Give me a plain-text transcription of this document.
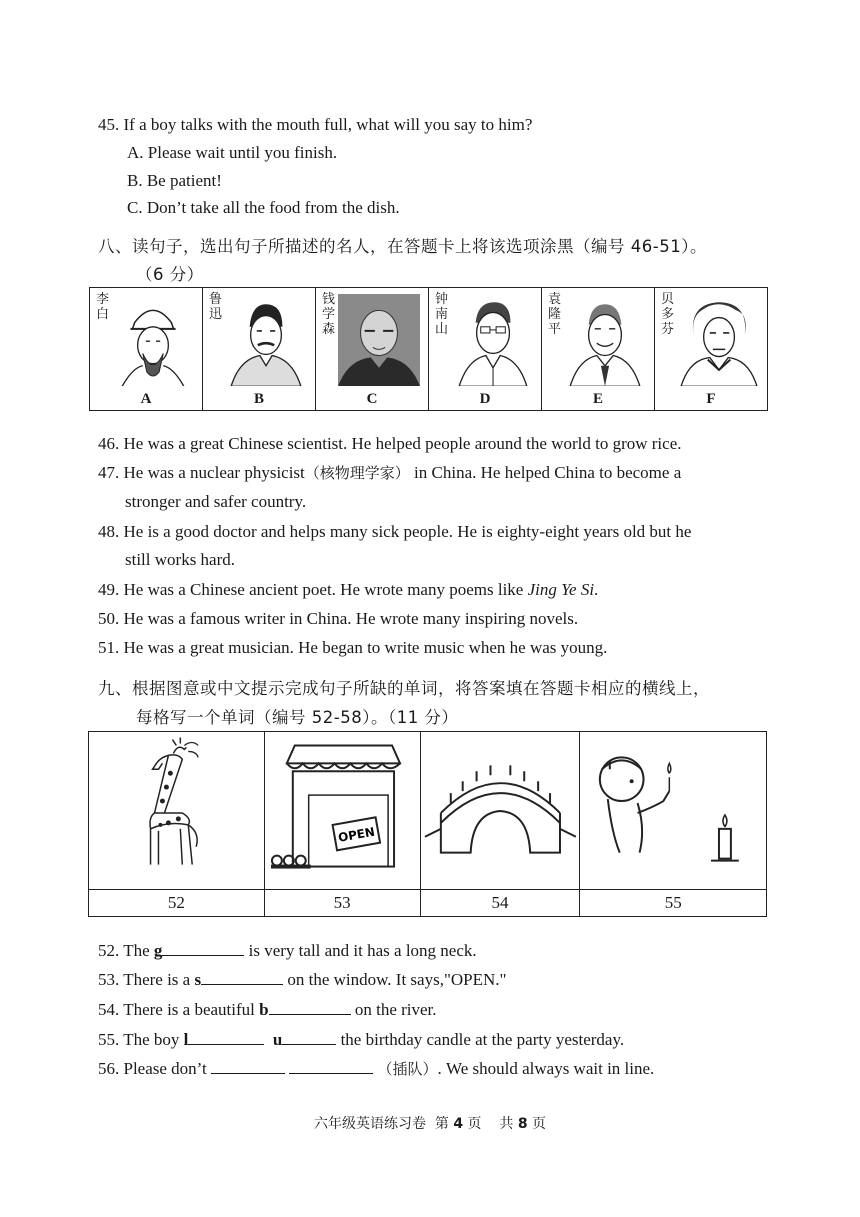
45. If a boy talks with the mouth full, what will you say to him?
A. Please wait until you finish.
B. Be patient!
C. Don’t take all the food from the dish.
八、读句子，选出句子所描述的名人，在答题卡上将该选项涂黑（编号 46-51）。
（6 分）
李白
A

鲁迅
B

钱学森
C

钟南山
D

袁隆平
E

贝多芬
F
46. He was a great Chinese scientist. He helped people around the world to grow rice.
47. He was a nuclear physicist（核物理学家） in China. He helped China to become a
stronger and safer country.
48. He is a good doctor and helps many sick people. He is eighty-eight years old but he
still works hard.
49. He was a Chinese ancient poet. He wrote many poems like Jing Ye Si.
50. He was a famous writer in China. He wrote many inspiring novels.
51. He was a great musician. He began to write music when he was young.
九、根据图意或中文提示完成句子所缺的单词，将答案填在答题卡相应的横线上，
每格写一个单词（编号 52-58）。（11 分）

OPEN

52	53	54	55
52. The g	is very tall and it has a long neck.
53. There is a s	on the window. It says,"OPEN."
54. There is a beautiful b	on the river.
55. The boy l	u	the birthday candle at the party yesterday.
56. Please don’t	（插队）. We should always wait in line.
六年级英语练习卷 第 4 页 共 8 页
